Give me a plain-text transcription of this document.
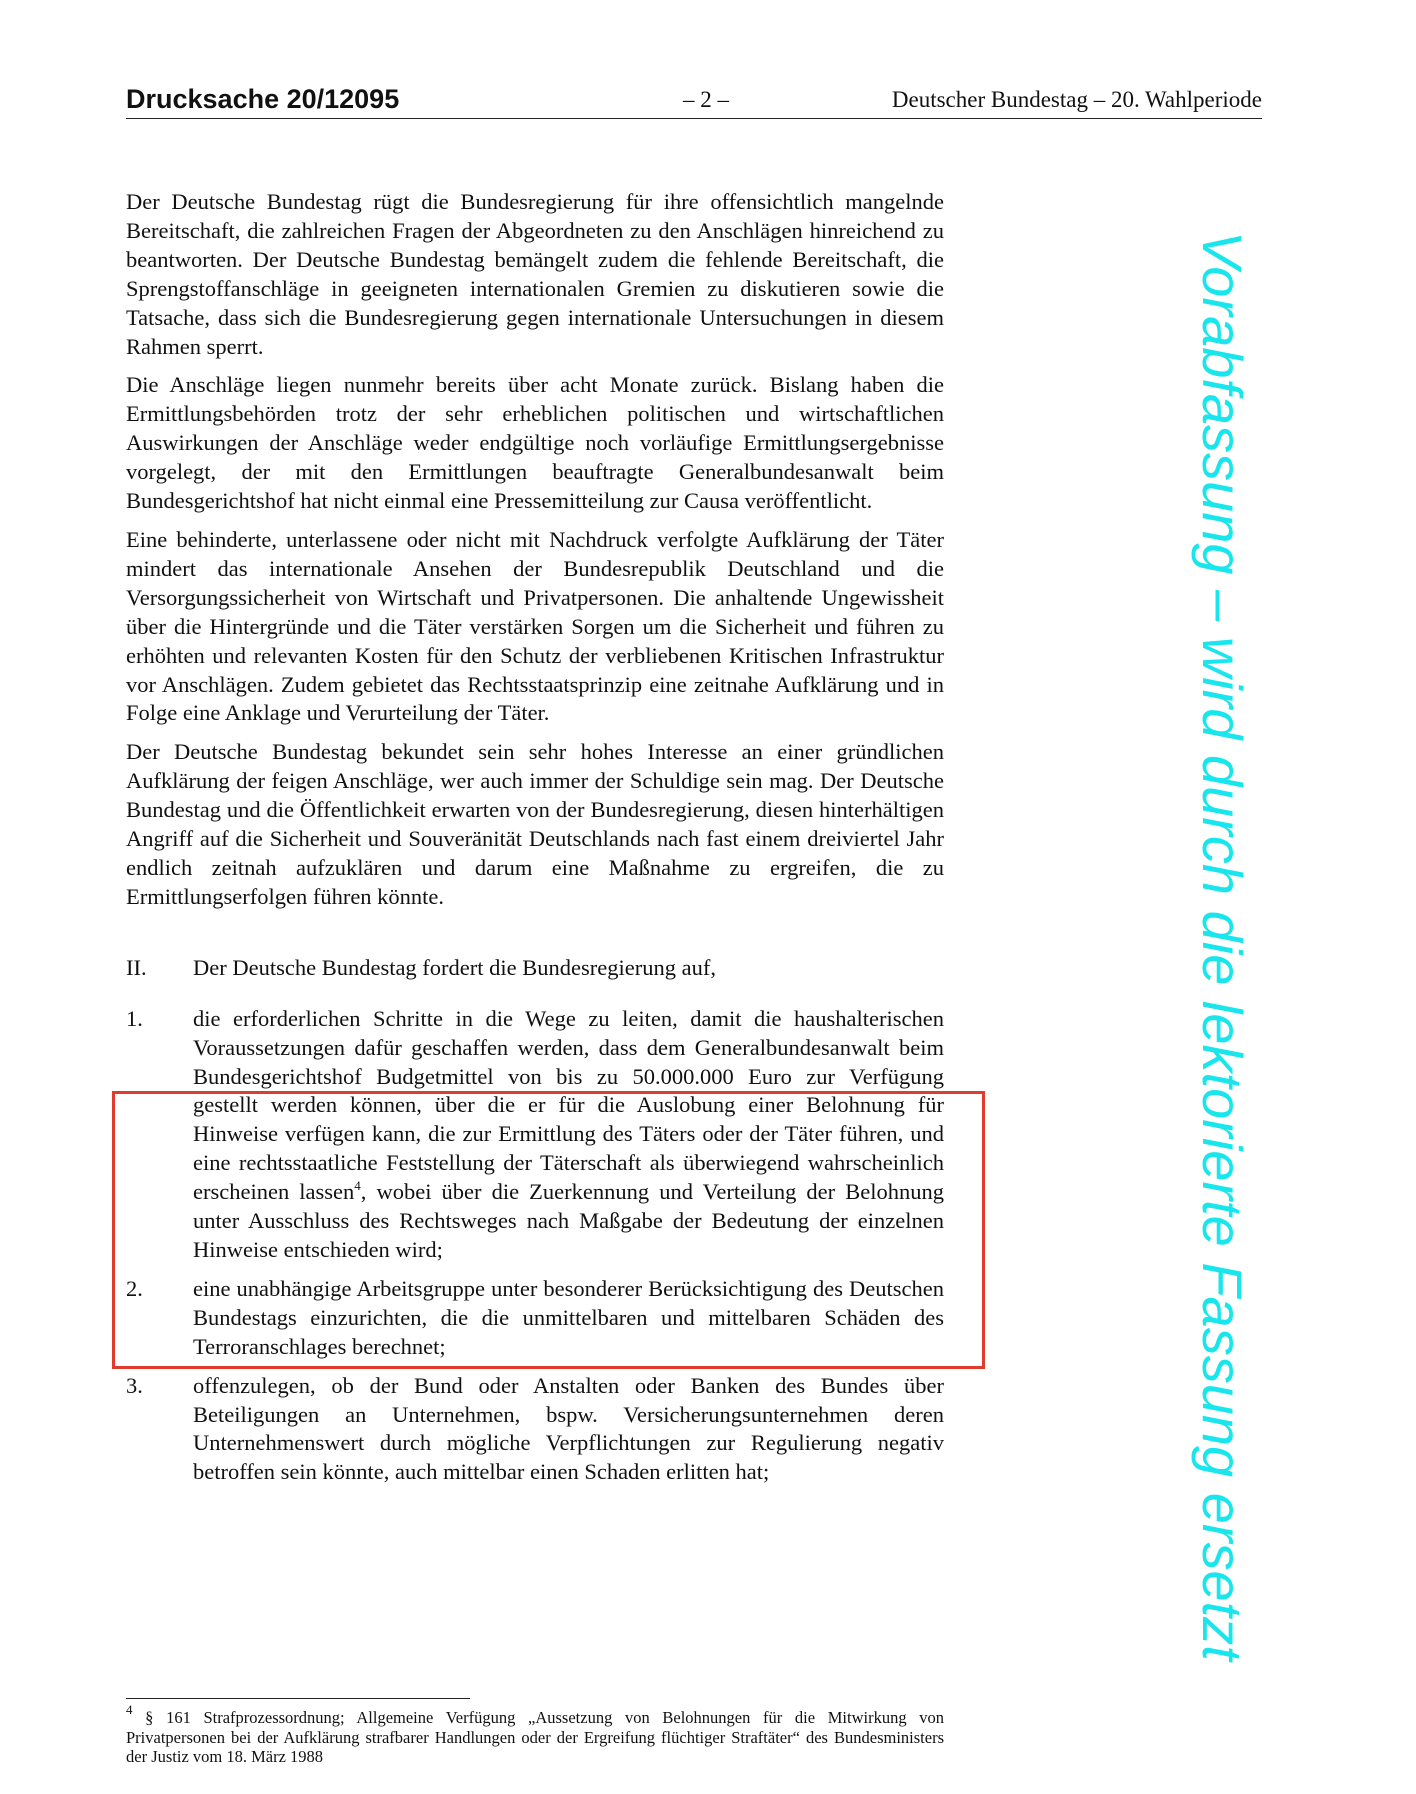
Drucksache 20/12095	– 2 –	Deutscher Bundestag – 20. Wahlperiode

Der Deutsche Bundestag rügt die Bundesregierung für ihre offensichtlich mangelnde Bereitschaft, die zahlreichen Fragen der Abgeordneten zu den Anschlägen hinreichend zu beantworten. Der Deutsche Bundestag bemängelt zudem die fehlende Bereitschaft, die Sprengstoffanschläge in geeigneten internationalen Gremien zu diskutieren sowie die Tatsache, dass sich die Bundesregierung gegen internationale Untersuchungen in diesem Rahmen sperrt.

Die Anschläge liegen nunmehr bereits über acht Monate zurück. Bislang haben die Ermittlungsbehörden trotz der sehr erheblichen politischen und wirtschaftlichen Auswirkungen der Anschläge weder endgültige noch vorläufige Ermittlungsergebnisse vorgelegt, der mit den Ermittlungen beauftragte Generalbundesanwalt beim Bundesgerichtshof hat nicht einmal eine Pressemitteilung zur Causa veröffentlicht.

Eine behinderte, unterlassene oder nicht mit Nachdruck verfolgte Aufklärung der Täter mindert das internationale Ansehen der Bundesrepublik Deutschland und die Versorgungssicherheit von Wirtschaft und Privatpersonen. Die anhaltende Ungewissheit über die Hintergründe und die Täter verstärken Sorgen um die Sicherheit und führen zu erhöhten und relevanten Kosten für den Schutz der verbliebenen Kritischen Infrastruktur vor Anschlägen. Zudem gebietet das Rechtsstaatsprinzip eine zeitnahe Aufklärung und in Folge eine Anklage und Verurteilung der Täter.

Der Deutsche Bundestag bekundet sein sehr hohes Interesse an einer gründlichen Aufklärung der feigen Anschläge, wer auch immer der Schuldige sein mag. Der Deutsche Bundestag und die Öffentlichkeit erwarten von der Bundesregierung, diesen hinterhältigen Angriff auf die Sicherheit und Souveränität Deutschlands nach fast einem dreiviertel Jahr endlich zeitnah aufzuklären und darum eine Maßnahme zu ergreifen, die zu Ermittlungserfolgen führen könnte.

II. Der Deutsche Bundestag fordert die Bundesregierung auf,
1. die erforderlichen Schritte in die Wege zu leiten, damit die haushalterischen Voraussetzungen dafür geschaffen werden, dass dem Generalbundesanwalt beim Bundesgerichtshof Budgetmittel von bis zu 50.000.000 Euro zur Verfügung gestellt werden können, über die er für die Auslobung einer Belohnung für Hinweise verfügen kann, die zur Ermittlung des Täters oder der Täter führen, und eine rechtsstaatliche Feststellung der Täterschaft als überwiegend wahrscheinlich erscheinen lassen$^4$, wobei über die Zuerkennung und Verteilung der Belohnung unter Ausschluss des Rechtsweges nach Maßgabe der Bedeutung der einzelnen Hinweise entschieden wird;
2. eine unabhängige Arbeitsgruppe unter besonderer Berücksichtigung des Deutschen Bundestags einzurichten, die die unmittelbaren und mittelbaren Schäden des Terroranschlages berechnet;
3. offenzulegen, ob der Bund oder Anstalten oder Banken des Bundes über Beteiligungen an Unternehmen, bspw. Versicherungsunternehmen deren Unternehmenswert durch mögliche Verpflichtungen zur Regulierung negativ betroffen sein könnte, auch mittelbar einen Schaden erlitten hat;
$^4$ § 161 Strafprozessordnung; Allgemeine Verfügung „Aussetzung von Belohnungen für die Mitwirkung von Privatpersonen bei der Aufklärung strafbarer Handlungen oder der Ergreifung flüchtiger Straftäter“ des Bundesministers der Justiz vom 18. März 1988
Vorabfassung – wird durch die lektorierte Fassung ersetzt
